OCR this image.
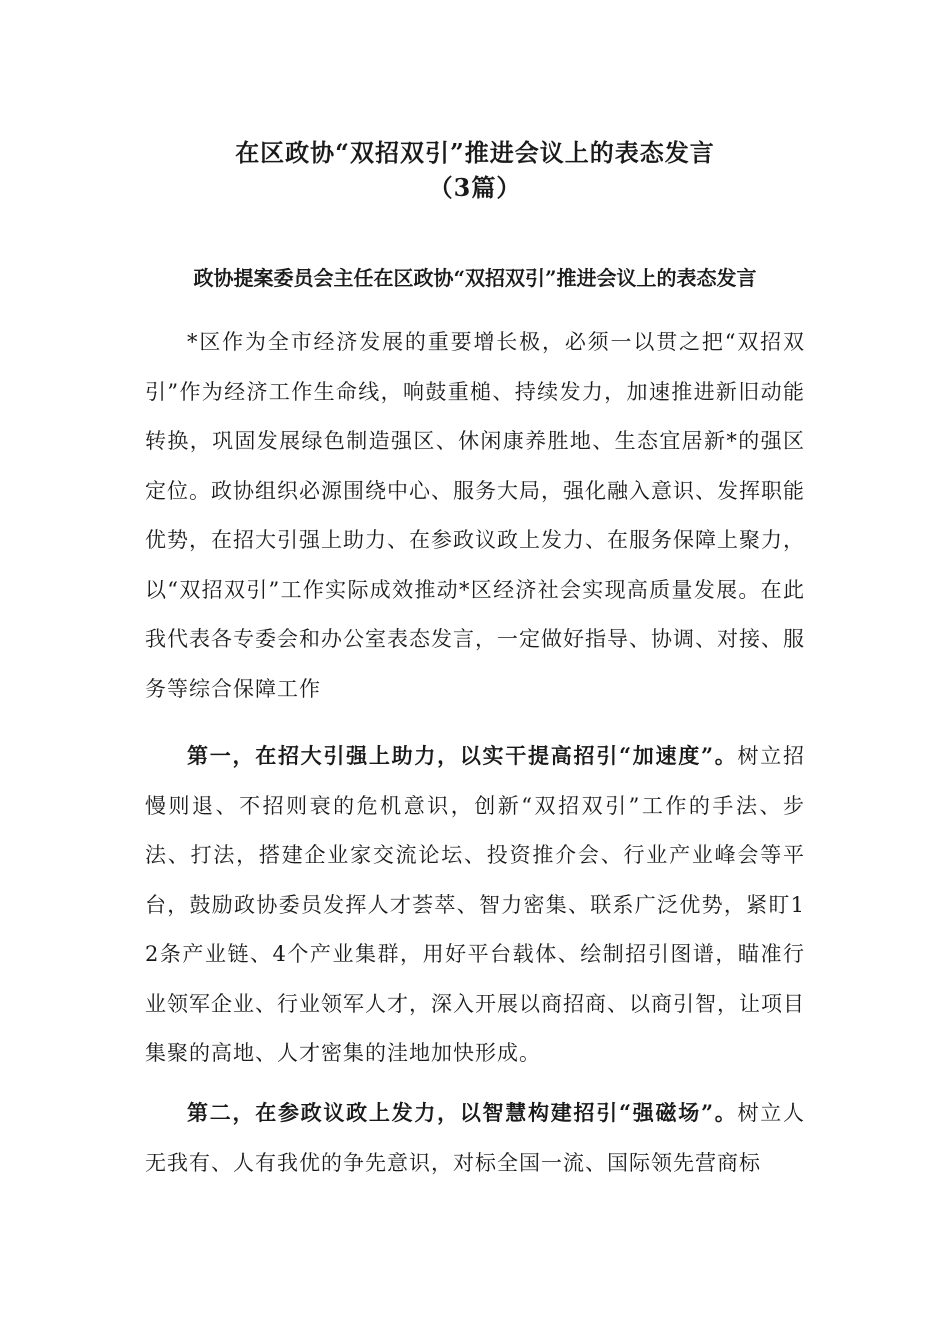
在区政协“双招双引”推进会议上的表态发言
（3篇）
政协提案委员会主任在区政协“双招双引”推进会议上的表态发言

*区作为全市经济发展的重要增长极，必须一以贯之把“双招双引”作为经济工作生命线，响鼓重槌、持续发力，加速推进新旧动能转换，巩固发展绿色制造强区、休闲康养胜地、生态宜居新*的强区定位。政协组织必源围绕中心、服务大局，强化融入意识、发挥职能优势，在招大引强上助力、在参政议政上发力、在服务保障上聚力，以“双招双引”工作实际成效推动*区经济社会实现高质量发展。在此我代表各专委会和办公室表态发言，一定做好指导、协调、对接、服务等综合保障工作

第一，在招大引强上助力，以实干提高招引“加速度”。树立招慢则退、不招则衰的危机意识，创新“双招双引”工作的手法、步法、打法，搭建企业家交流论坛、投资推介会、行业产业峰会等平台，鼓励政协委员发挥人才荟萃、智力密集、联系广泛优势，紧盯12条产业链、4个产业集群，用好平台载体、绘制招引图谱，瞄准行业领军企业、行业领军人才，深入开展以商招商、以商引智，让项目集聚的高地、人才密集的洼地加快形成。

第二，在参政议政上发力，以智慧构建招引“强磁场”。树立人无我有、人有我优的争先意识，对标全国一流、国际领先营商标
